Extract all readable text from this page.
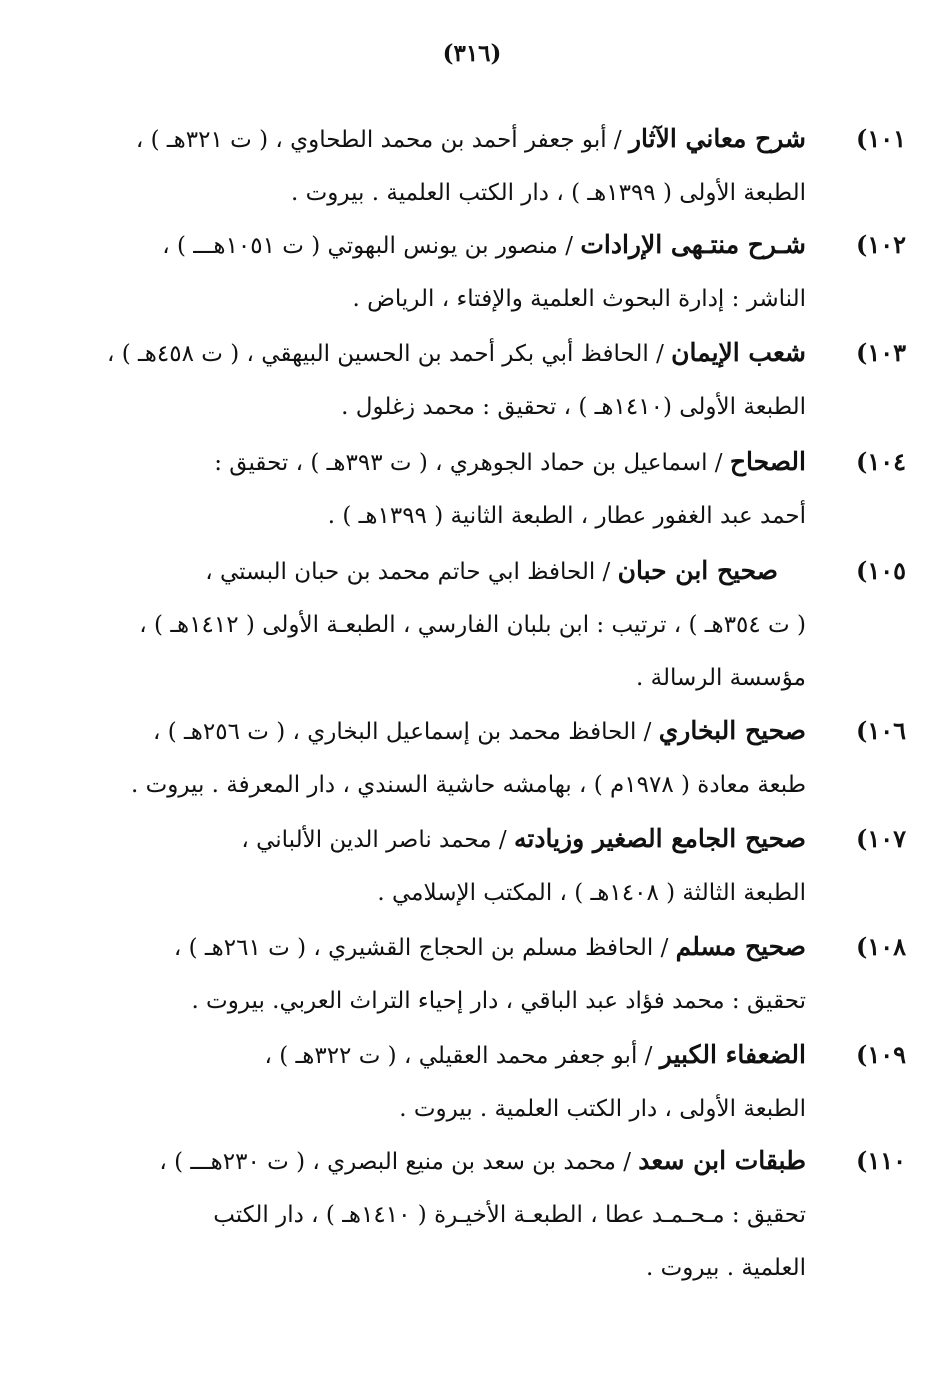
(٣١٦)
١٠١)
شرح معاني الآثار / أبو جعفر أحمد بن محمد الطحاوي ، ( ت ٣٢١هـ ) ،
الطبعة الأولى ( ١٣٩٩هـ ) ، دار الكتب العلمية . بيروت .
١٠٢)
شـرح منتـهى الإرادات / منصور بن يونس البهوتي ( ت ١٠٥١هـــ ) ،
الناشر : إدارة البحوث العلمية والإفتاء ، الرياض .
١٠٣)
شعب الإيمان / الحافظ أبي بكر أحمد بن الحسين البيهقي ، ( ت ٤٥٨هـ ) ،
الطبعة الأولى (١٤١٠هـ ) ، تحقيق : محمد زغلول .
١٠٤)
الصحاح / اسماعيل بن حماد الجوهري ، ( ت ٣٩٣هـ ) ، تحقيق :
أحمد عبد الغفور عطار ، الطبعة الثانية ( ١٣٩٩هـ ) .
١٠٥)
صحيح ابن حبان / الحافظ ابي حاتم محمد بن حبان البستي ،
( ت ٣٥٤هـ ) ، ترتيب : ابن بلبان الفارسي ، الطبعـة الأولى ( ١٤١٢هـ ) ،
مؤسسة الرسالة .
١٠٦)
صحيح البخاري / الحافظ محمد بن إسماعيل البخاري ، ( ت ٢٥٦هـ ) ،
طبعة معادة ( ١٩٧٨م ) ، بهامشه حاشية السندي ، دار المعرفة . بيروت .
١٠٧)
صحيح الجامع الصغير وزيادته / محمد ناصر الدين الألباني ،
الطبعة الثالثة ( ١٤٠٨هـ ) ، المكتب الإسلامي .
١٠٨)
صحيح مسلم / الحافظ مسلم بن الحجاج القشيري ، ( ت ٢٦١هـ ) ،
تحقيق : محمد فؤاد عبد الباقي ، دار إحياء التراث العربي. بيروت .
١٠٩)
الضعفاء الكبير / أبو جعفر محمد العقيلي ، ( ت ٣٢٢هـ ) ،
الطبعة الأولى ، دار الكتب العلمية . بيروت .
١١٠)
طبقات ابن سعد / محمد بن سعد بن منيع البصري ، ( ت ٢٣٠هـــ ) ،
تحقيق : مـحـمـد عطا ، الطبعـة الأخيـرة ( ١٤١٠هـ ) ، دار الكتب
العلمية . بيروت .
